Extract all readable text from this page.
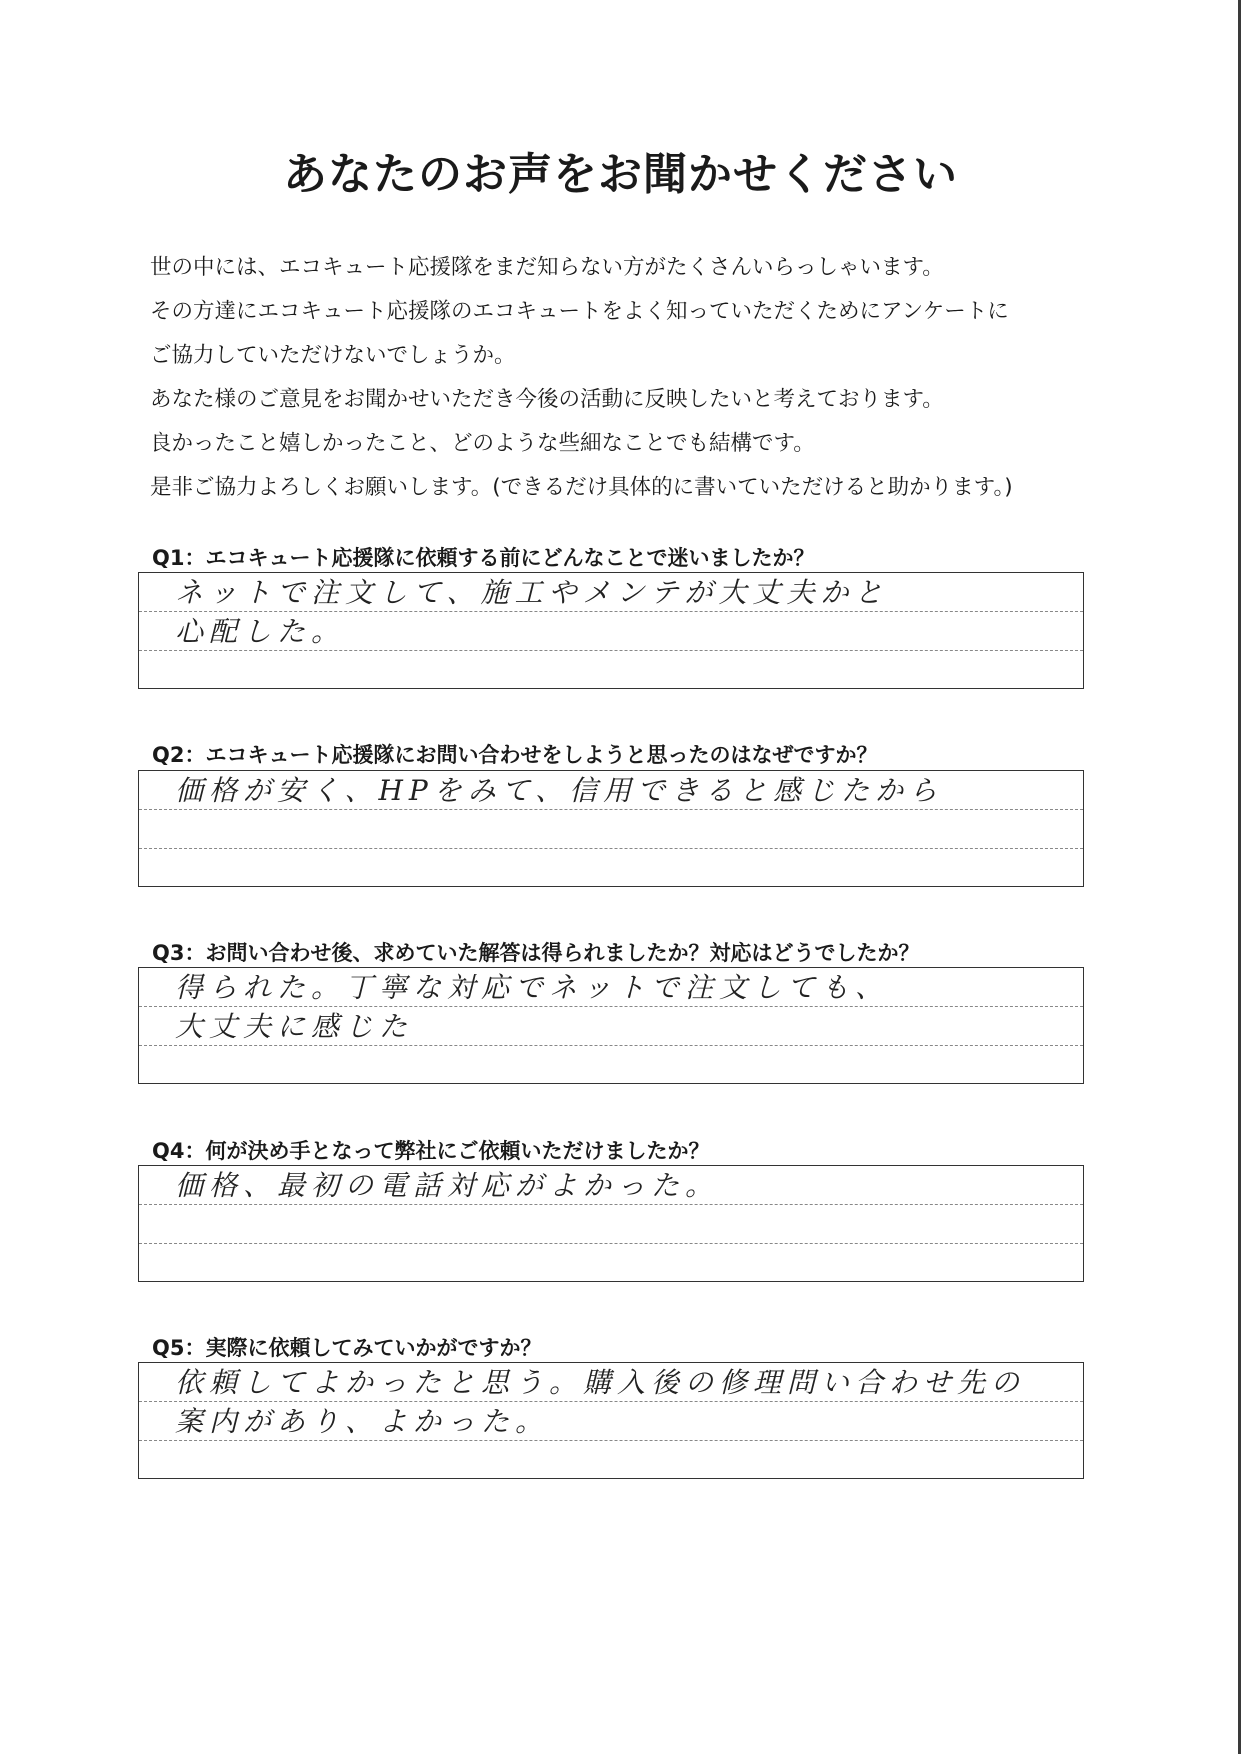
あなたのお声をお聞かせください
世の中には、エコキュート応援隊をまだ知らない方がたくさんいらっしゃいます。
その方達にエコキュート応援隊のエコキュートをよく知っていただくためにアンケートに
ご協力していただけないでしょうか。
あなた様のご意見をお聞かせいただき今後の活動に反映したいと考えております。
良かったこと嬉しかったこと、どのような些細なことでも結構です。
是非ご協力よろしくお願いします。(できるだけ具体的に書いていただけると助かります。)
Q1：エコキュート応援隊に依頼する前にどんなことで迷いましたか？
ネットで注文して、施工やメンテが大丈夫かと
心配した。
Q2：エコキュート応援隊にお問い合わせをしようと思ったのはなぜですか？
価格が安く、HPをみて、信用できると感じたから
Q3：お問い合わせ後、求めていた解答は得られましたか？対応はどうでしたか？
得られた。丁寧な対応でネットで注文しても、
大丈夫に感じた
Q4：何が決め手となって弊社にご依頼いただけましたか？
価格、最初の電話対応がよかった。
Q5：実際に依頼してみていかがですか？
依頼してよかったと思う。購入後の修理問い合わせ先の
案内があり、よかった。
